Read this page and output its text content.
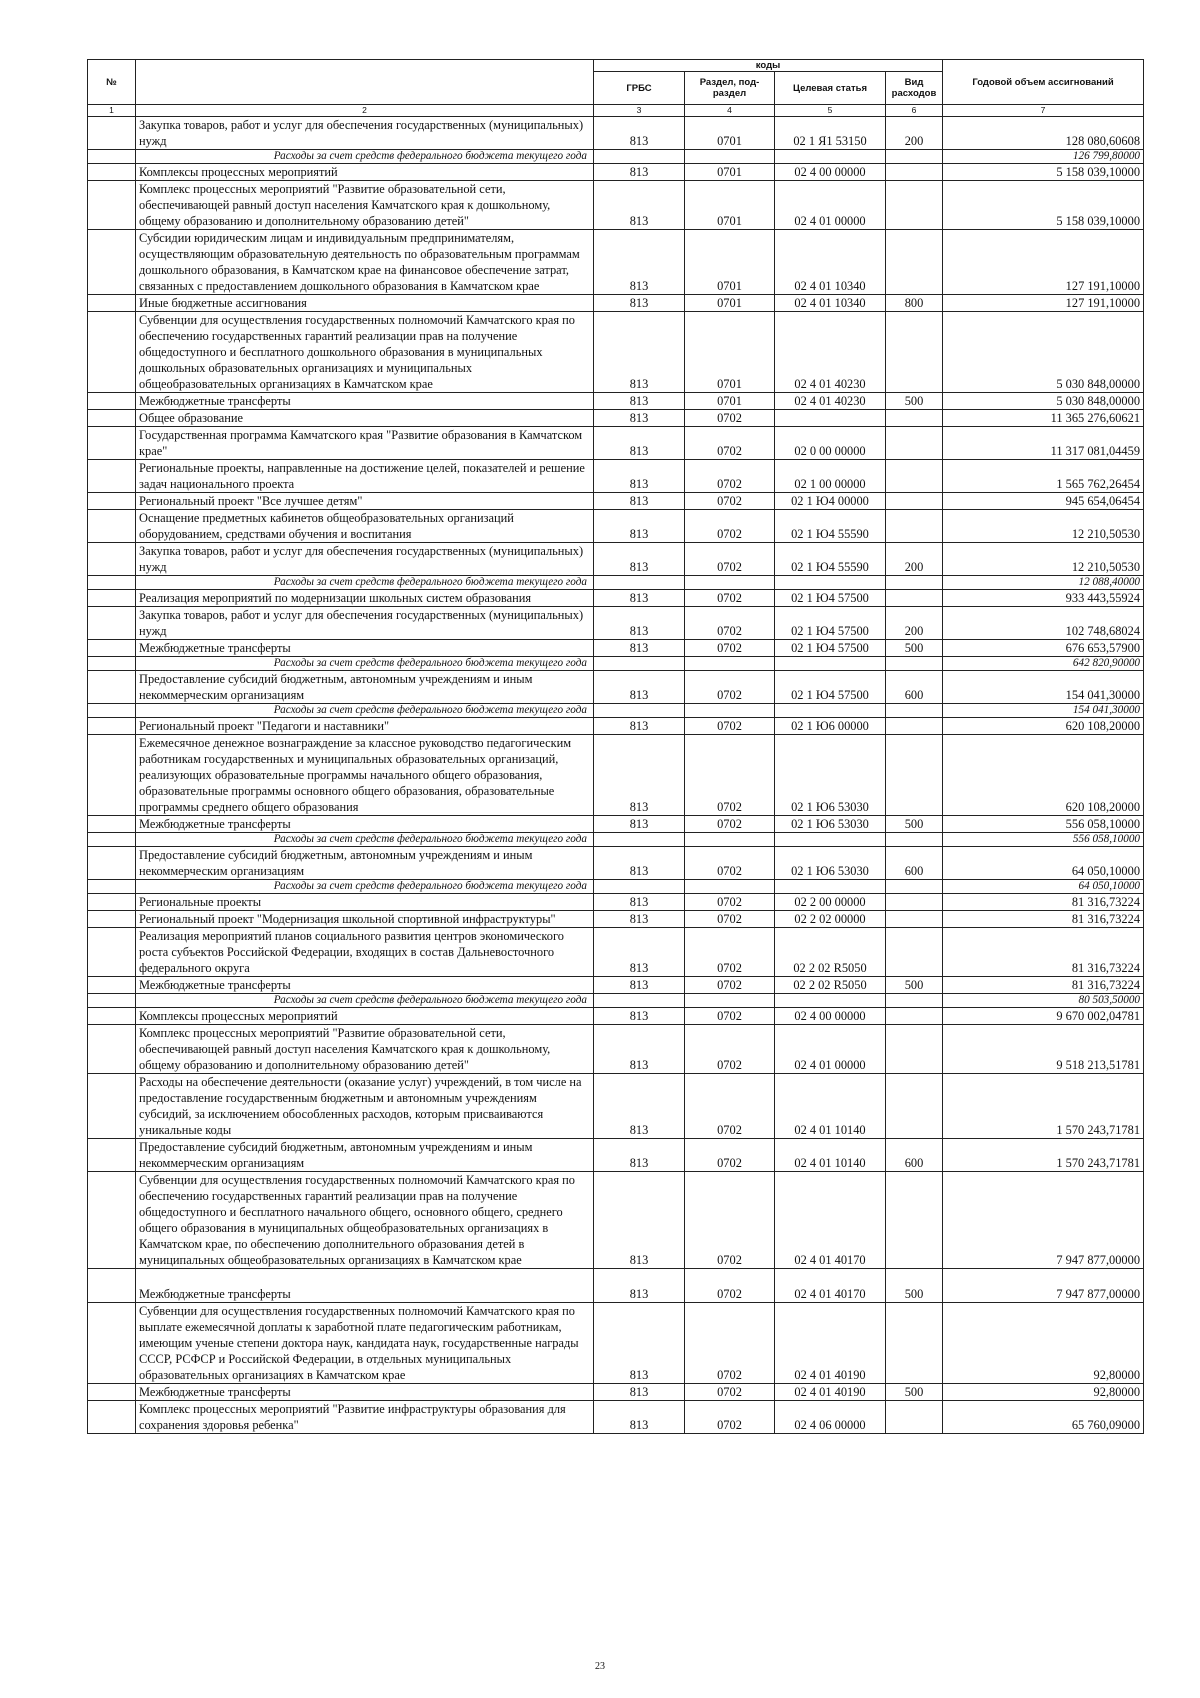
№		коды				Годовой объем ассигнований
		ГРБС	Раздел, под-раздел	Целевая статья	Вид расходов	
1	2	3	4	5	6	7
	Закупка товаров, работ и услуг для обеспечения государственных (муниципальных) нужд	813	0701	02 1 Я1 53150	200	128 080,60608
	Расходы за счет средств федерального бюджета текущего года					126 799,80000
	Комплексы процессных мероприятий	813	0701	02 4 00 00000		5 158 039,10000
	Комплекс процессных мероприятий "Развитие образовательной сети, обеспечивающей равный доступ населения Камчатского края к дошкольному, общему образованию и дополнительному образованию детей"	813	0701	02 4 01 00000		5 158 039,10000
	Субсидии юридическим лицам и индивидуальным предпринимателям, осуществляющим образовательную деятельность по образовательным программам дошкольного образования, в Камчатском крае на финансовое обеспечение затрат, связанных с предоставлением дошкольного образования в Камчатском крае	813	0701	02 4 01 10340		127 191,10000
	Иные бюджетные ассигнования	813	0701	02 4 01 10340	800	127 191,10000
	Субвенции для осуществления государственных полномочий Камчатского края по обеспечению государственных гарантий реализации прав на получение общедоступного и бесплатного дошкольного образования в муниципальных дошкольных образовательных организациях и муниципальных общеобразовательных организациях в Камчатском крае	813	0701	02 4 01 40230		5 030 848,00000
	Межбюджетные трансферты	813	0701	02 4 01 40230	500	5 030 848,00000
	Общее образование	813	0702			11 365 276,60621
	Государственная программа Камчатского края "Развитие образования в Камчатском крае"	813	0702	02 0 00 00000		11 317 081,04459
	Региональные проекты, направленные на достижение целей, показателей и решение задач национального проекта	813	0702	02 1 00 00000		1 565 762,26454
	Региональный проект "Все лучшее детям"	813	0702	02 1 Ю4 00000		945 654,06454
	Оснащение предметных кабинетов общеобразовательных организаций оборудованием, средствами обучения и воспитания	813	0702	02 1 Ю4 55590		12 210,50530
	Закупка товаров, работ и услуг для обеспечения государственных (муниципальных) нужд	813	0702	02 1 Ю4 55590	200	12 210,50530
	Расходы за счет средств федерального бюджета текущего года					12 088,40000
	Реализация мероприятий по модернизации школьных систем образования	813	0702	02 1 Ю4 57500		933 443,55924
	Закупка товаров, работ и услуг для обеспечения государственных (муниципальных) нужд	813	0702	02 1 Ю4 57500	200	102 748,68024
	Межбюджетные трансферты	813	0702	02 1 Ю4 57500	500	676 653,57900
	Расходы за счет средств федерального бюджета текущего года					642 820,90000
	Предоставление субсидий бюджетным, автономным учреждениям и иным некоммерческим организациям	813	0702	02 1 Ю4 57500	600	154 041,30000
	Расходы за счет средств федерального бюджета текущего года					154 041,30000
	Региональный проект "Педагоги и наставники"	813	0702	02 1 Ю6 00000		620 108,20000
	Ежемесячное денежное вознаграждение за классное руководство педагогическим работникам государственных и муниципальных образовательных организаций, реализующих образовательные программы начального общего образования, образовательные программы основного общего образования, образовательные программы среднего общего образования	813	0702	02 1 Ю6 53030		620 108,20000
	Межбюджетные трансферты	813	0702	02 1 Ю6 53030	500	556 058,10000
	Расходы за счет средств федерального бюджета текущего года					556 058,10000
	Предоставление субсидий бюджетным, автономным учреждениям и иным некоммерческим организациям	813	0702	02 1 Ю6 53030	600	64 050,10000
	Расходы за счет средств федерального бюджета текущего года					64 050,10000
	Региональные проекты	813	0702	02 2 00 00000		81 316,73224
	Региональный проект "Модернизация школьной спортивной инфраструктуры"	813	0702	02 2 02 00000		81 316,73224
	Реализация мероприятий планов социального развития центров экономического роста субъектов Российской Федерации, входящих в состав Дальневосточного федерального округа	813	0702	02 2 02 R5050		81 316,73224
	Межбюджетные трансферты	813	0702	02 2 02 R5050	500	81 316,73224
	Расходы за счет средств федерального бюджета текущего года					80 503,50000
	Комплексы процессных мероприятий	813	0702	02 4 00 00000		9 670 002,04781
	Комплекс процессных мероприятий "Развитие образовательной сети, обеспечивающей равный доступ населения Камчатского края к дошкольному, общему образованию и дополнительному образованию детей"	813	0702	02 4 01 00000		9 518 213,51781
	Расходы на обеспечение деятельности (оказание услуг) учреждений, в том числе на предоставление государственным бюджетным и автономным учреждениям субсидий, за исключением обособленных расходов, которым присваиваются уникальные коды	813	0702	02 4 01 10140		1 570 243,71781
	Предоставление субсидий бюджетным, автономным учреждениям и иным некоммерческим организациям	813	0702	02 4 01 10140	600	1 570 243,71781
	Субвенции для осуществления государственных полномочий Камчатского края по обеспечению государственных гарантий реализации прав на получение общедоступного и бесплатного начального общего, основного общего, среднего общего образования в муниципальных общеобразовательных организациях в Камчатском крае, по обеспечению дополнительного образования детей в муниципальных общеобразовательных организациях в Камчатском крае	813	0702	02 4 01 40170		7 947 877,00000
	Межбюджетные трансферты	813	0702	02 4 01 40170	500	7 947 877,00000
	Субвенции для осуществления государственных полномочий Камчатского края по выплате ежемесячной доплаты к заработной плате педагогическим работникам, имеющим ученые степени доктора наук, кандидата наук, государственные награды СССР, РСФСР и Российской Федерации, в отдельных муниципальных образовательных организациях в Камчатском крае	813	0702	02 4 01 40190		92,80000
	Межбюджетные трансферты	813	0702	02 4 01 40190	500	92,80000
	Комплекс процессных мероприятий "Развитие инфраструктуры образования для сохранения здоровья ребенка"	813	0702	02 4 06 00000		65 760,09000
23
